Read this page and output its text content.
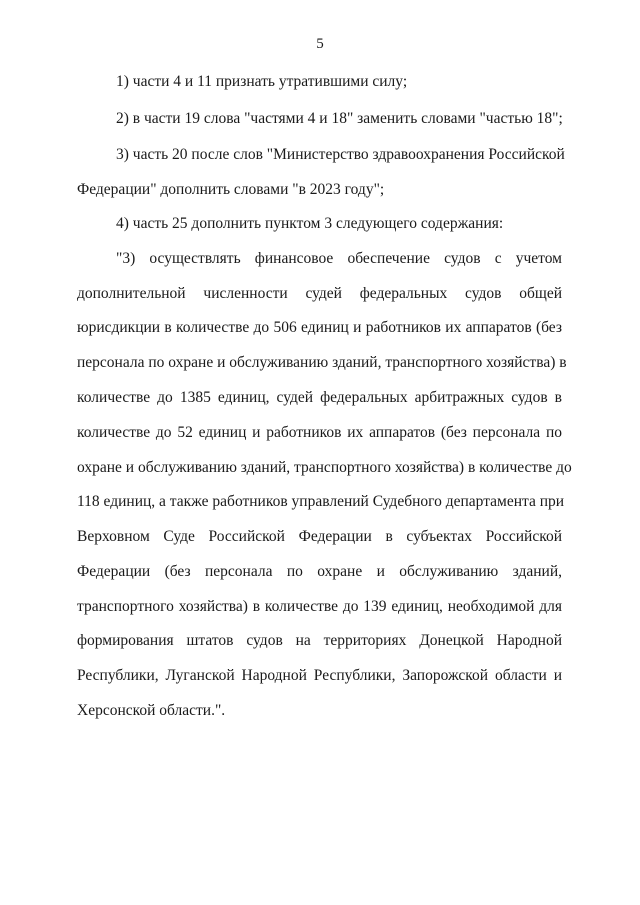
5
1) части 4 и 11 признать утратившими силу;
2) в части 19 слова "частями 4 и 18" заменить словами "частью 18";
3) часть 20 после слов "Министерство здравоохранения Российской
Федерации" дополнить словами "в 2023 году";
4) часть 25 дополнить пунктом 3 следующего содержания:
"3) осуществлять финансовое обеспечение судов с учетом
дополнительной численности судей федеральных судов общей
юрисдикции в количестве до 506 единиц и работников их аппаратов (без
персонала по охране и обслуживанию зданий, транспортного хозяйства) в
количестве до 1385 единиц, судей федеральных арбитражных судов в
количестве до 52 единиц и работников их аппаратов (без персонала по
охране и обслуживанию зданий, транспортного хозяйства) в количестве до
118 единиц, а также работников управлений Судебного департамента при
Верховном Суде Российской Федерации в субъектах Российской
Федерации (без персонала по охране и обслуживанию зданий,
транспортного хозяйства) в количестве до 139 единиц, необходимой для
формирования штатов судов на территориях Донецкой Народной
Республики, Луганской Народной Республики, Запорожской области и
Херсонской области.".
